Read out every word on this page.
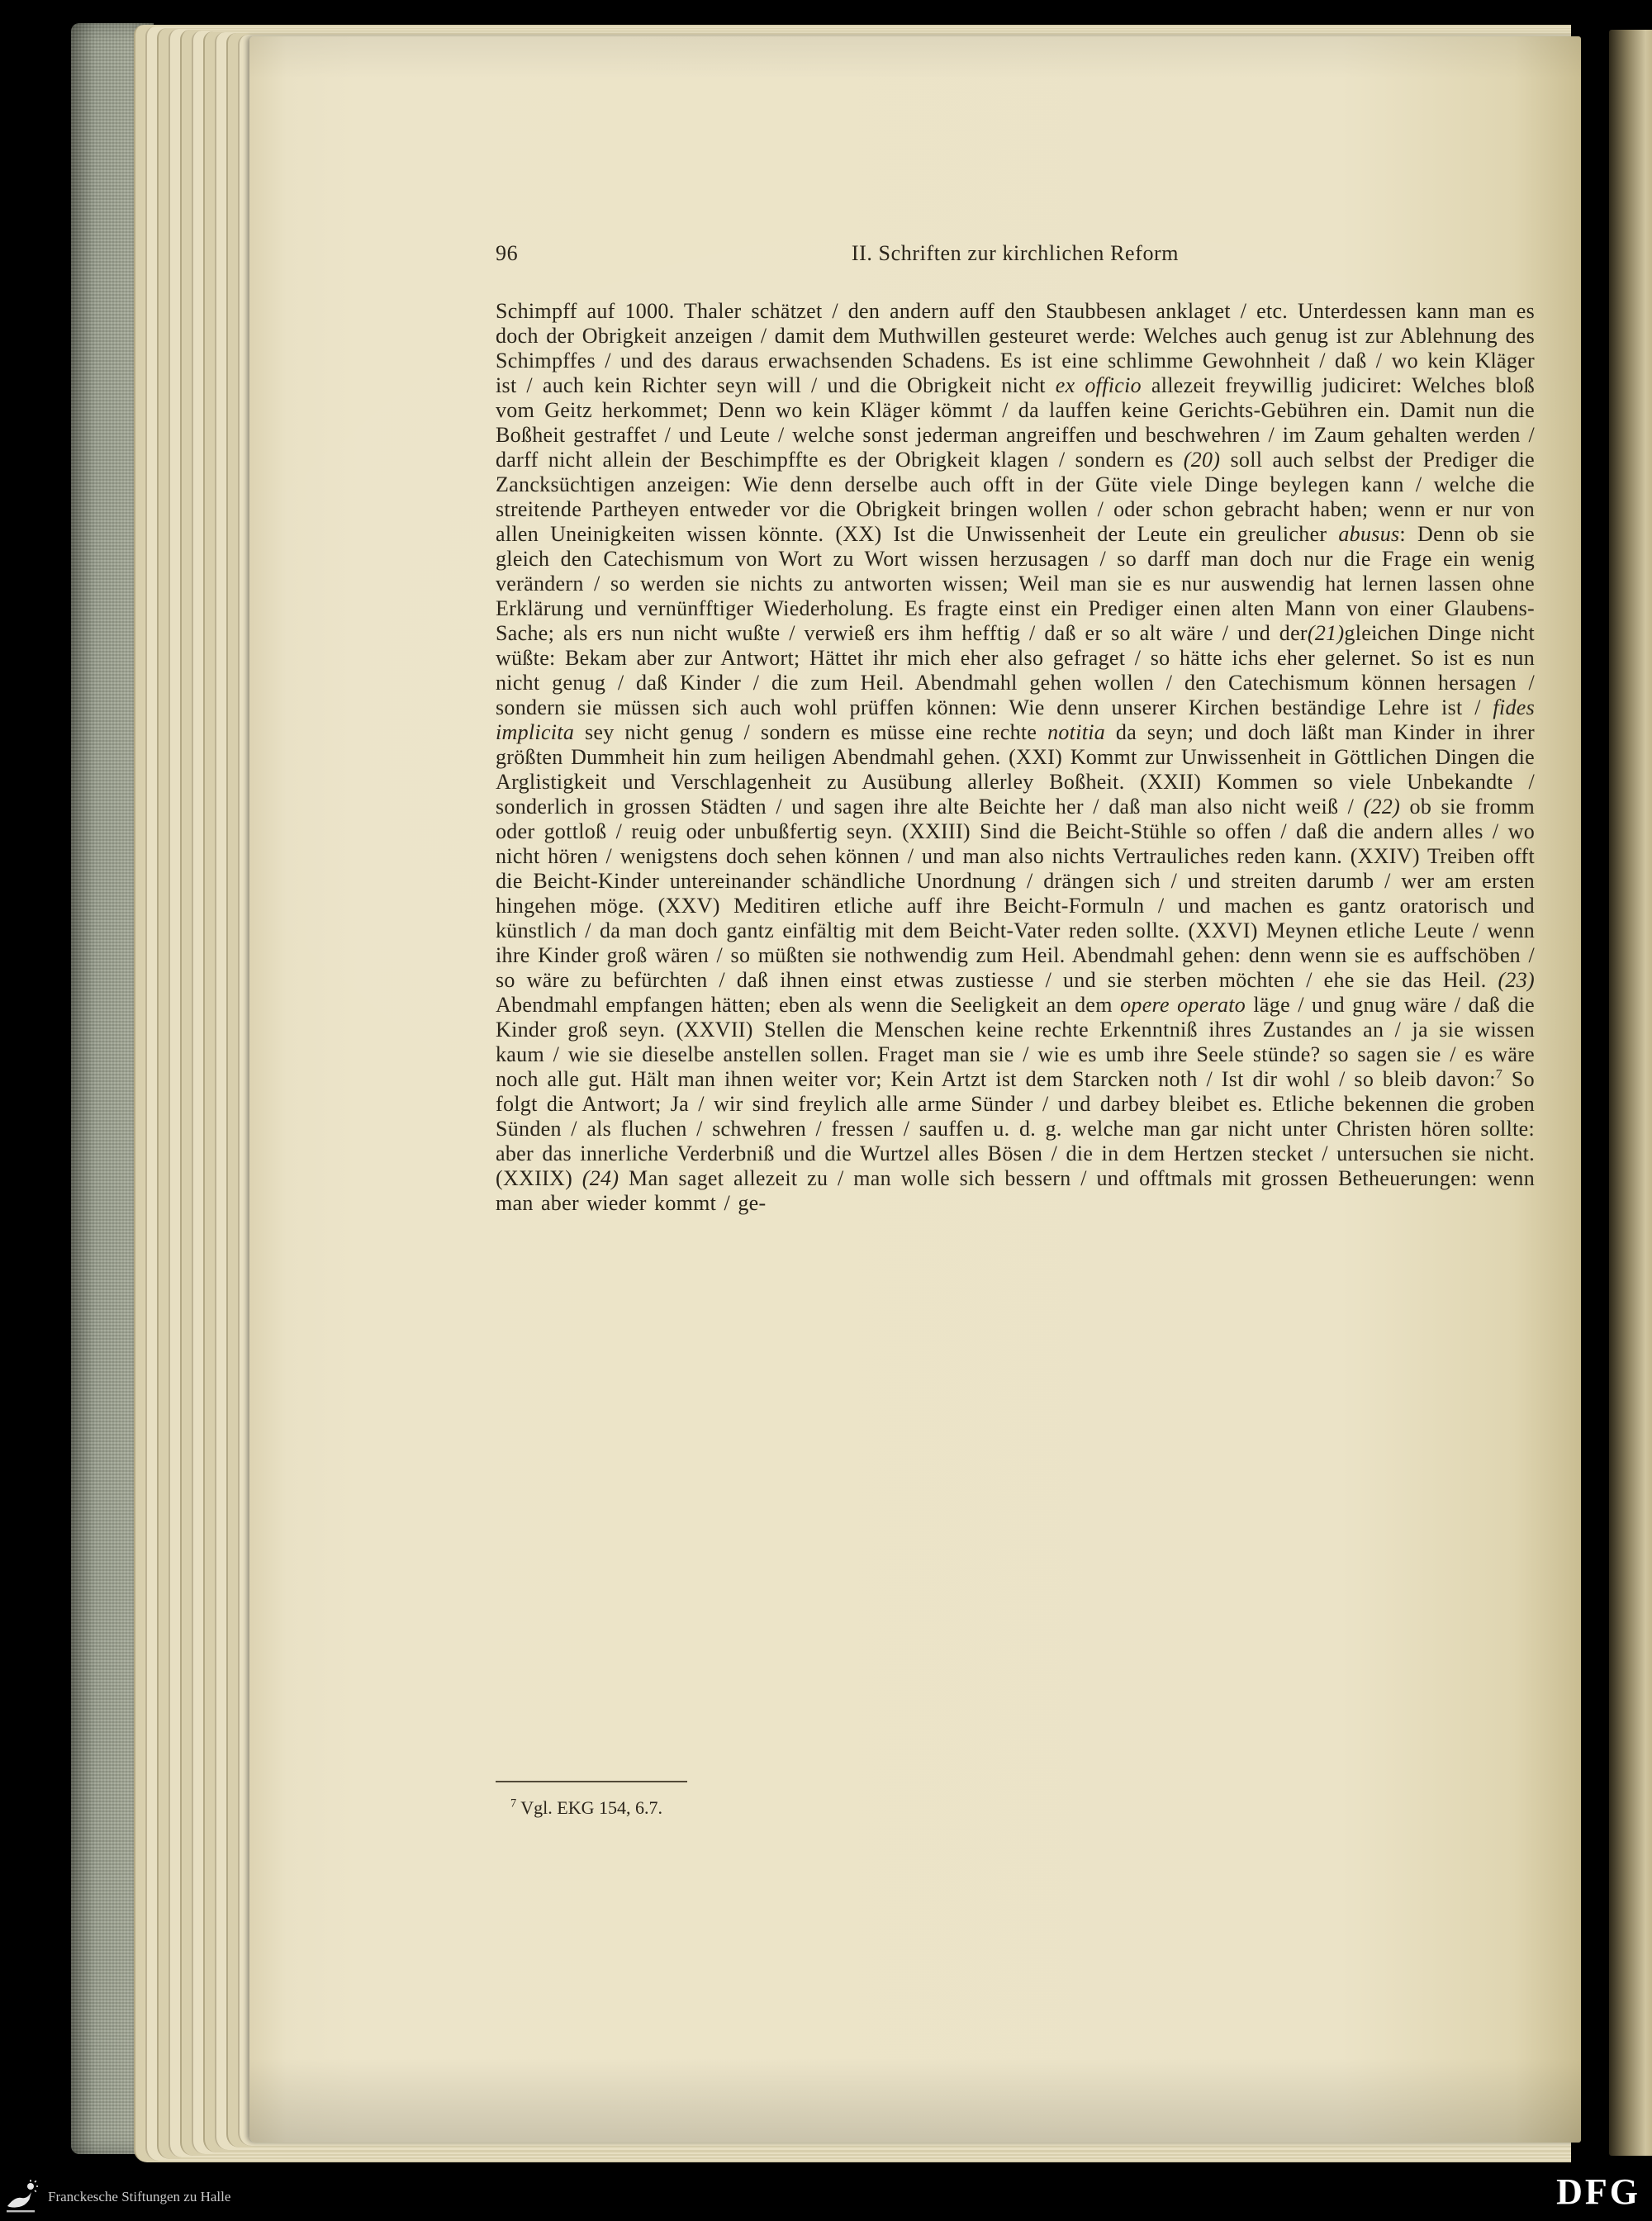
96	II. Schriften zur kirchlichen Reform
Schimpff auf 1000. Thaler schätzet / den andern auff den Staubbesen anklaget / etc. Unterdessen kann man es doch der Obrigkeit anzeigen / damit dem Muthwillen gesteuret werde: Welches auch genug ist zur Ablehnung des Schimpffes / und des daraus erwachsenden Schadens. Es ist eine schlimme Gewohnheit / daß / wo kein Kläger ist / auch kein Richter seyn will / und die Obrigkeit nicht ex officio allezeit freywillig judiciret: Welches bloß vom Geitz herkommet; Denn wo kein Kläger kömmt / da lauffen keine Gerichts-Gebühren ein. Damit nun die Boßheit gestraffet / und Leute / welche sonst jederman angreiffen und beschwehren / im Zaum gehalten werden / darff nicht allein der Beschimpffte es der Obrigkeit klagen / sondern es (20) soll auch selbst der Prediger die Zancksüchtigen anzeigen: Wie denn derselbe auch offt in der Güte viele Dinge beylegen kann / welche die streitende Partheyen entweder vor die Obrigkeit bringen wollen / oder schon gebracht haben; wenn er nur von allen Uneinigkeiten wissen könnte. (XX) Ist die Unwissenheit der Leute ein greulicher abusus: Denn ob sie gleich den Catechismum von Wort zu Wort wissen herzusagen / so darff man doch nur die Frage ein wenig verändern / so werden sie nichts zu antworten wissen; Weil man sie es nur auswendig hat lernen lassen ohne Erklärung und vernünfftiger Wiederholung. Es fragte einst ein Prediger einen alten Mann von einer Glaubens-Sache; als ers nun nicht wußte / verwieß ers ihm hefftig / daß er so alt wäre / und der(21)gleichen Dinge nicht wüßte: Bekam aber zur Antwort; Hättet ihr mich eher also gefraget / so hätte ichs eher gelernet. So ist es nun nicht genug / daß Kinder / die zum Heil. Abendmahl gehen wollen / den Catechismum können hersagen / sondern sie müssen sich auch wohl prüffen können: Wie denn unserer Kirchen beständige Lehre ist / fides implicita sey nicht genug / sondern es müsse eine rechte notitia da seyn; und doch läßt man Kinder in ihrer größten Dummheit hin zum heiligen Abendmahl gehen. (XXI) Kommt zur Unwissenheit in Göttlichen Dingen die Arglistigkeit und Verschlagenheit zu Ausübung allerley Boßheit. (XXII) Kommen so viele Unbekandte / sonderlich in grossen Städten / und sagen ihre alte Beichte her / daß man also nicht weiß / (22) ob sie fromm oder gottloß / reuig oder unbußfertig seyn. (XXIII) Sind die Beicht-Stühle so offen / daß die andern alles / wo nicht hören / wenigstens doch sehen können / und man also nichts Vertrauliches reden kann. (XXIV) Treiben offt die Beicht-Kinder untereinander schändliche Unordnung / drängen sich / und streiten darumb / wer am ersten hingehen möge. (XXV) Meditiren etliche auff ihre Beicht-Formuln / und machen es gantz oratorisch und künstlich / da man doch gantz einfältig mit dem Beicht-Vater reden sollte. (XXVI) Meynen etliche Leute / wenn ihre Kinder groß wären / so müßten sie nothwendig zum Heil. Abendmahl gehen: denn wenn sie es auffschöben / so wäre zu befürchten / daß ihnen einst etwas zustiesse / und sie sterben möchten / ehe sie das Heil. (23) Abendmahl empfangen hätten; eben als wenn die Seeligkeit an dem opere operato läge / und gnug wäre / daß die Kinder groß seyn. (XXVII) Stellen die Menschen keine rechte Erkenntniß ihres Zustandes an / ja sie wissen kaum / wie sie dieselbe anstellen sollen. Fraget man sie / wie es umb ihre Seele stünde? so sagen sie / es wäre noch alle gut. Hält man ihnen weiter vor; Kein Artzt ist dem Starcken noth / Ist dir wohl / so bleib davon:$^7$ So folgt die Antwort; Ja / wir sind freylich alle arme Sünder / und darbey bleibet es. Etliche bekennen die groben Sünden / als fluchen / schwehren / fressen / sauffen u. d. g. welche man gar nicht unter Christen hören sollte: aber das innerliche Verderbniß und die Wurtzel alles Bösen / die in dem Hertzen stecket / untersuchen sie nicht. (XXIIX) (24) Man saget allezeit zu / man wolle sich bessern / und offtmals mit grossen Betheuerungen: wenn man aber wieder kommt / ge-
$^7$ Vgl. EKG 154, 6.7.
Franckesche Stiftungen zu Halle	DFG
